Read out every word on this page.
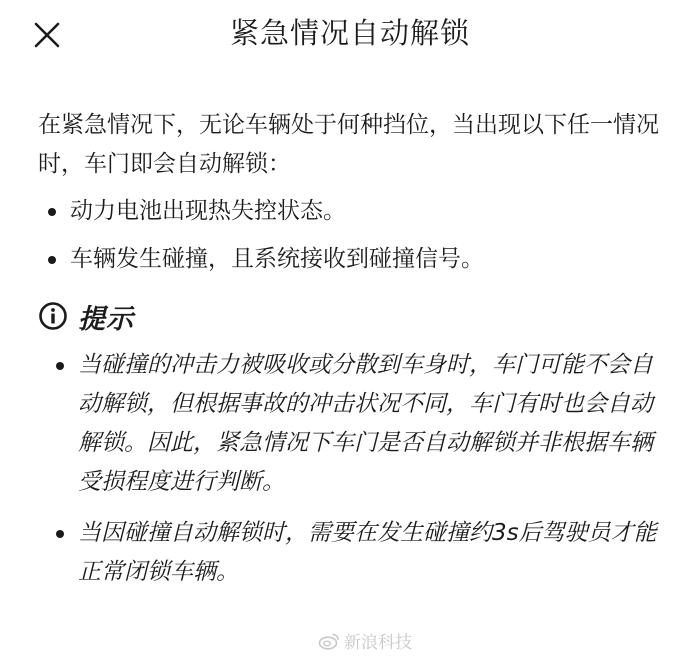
紧急情况自动解锁

在紧急情况下，无论车辆处于何种挡位，当出现以下任一情况时，车门即会自动解锁：

动力电池出现热失控状态。
车辆发生碰撞，且系统接收到碰撞信号。
提示
当碰撞的冲击力被吸收或分散到车身时，车门可能不会自动解锁，但根据事故的冲击状况不同，车门有时也会自动解锁。因此，紧急情况下车门是否自动解锁并非根据车辆受损程度进行判断。
当因碰撞自动解锁时，需要在发生碰撞约3s后驾驶员才能正常闭锁车辆。
新浪科技
